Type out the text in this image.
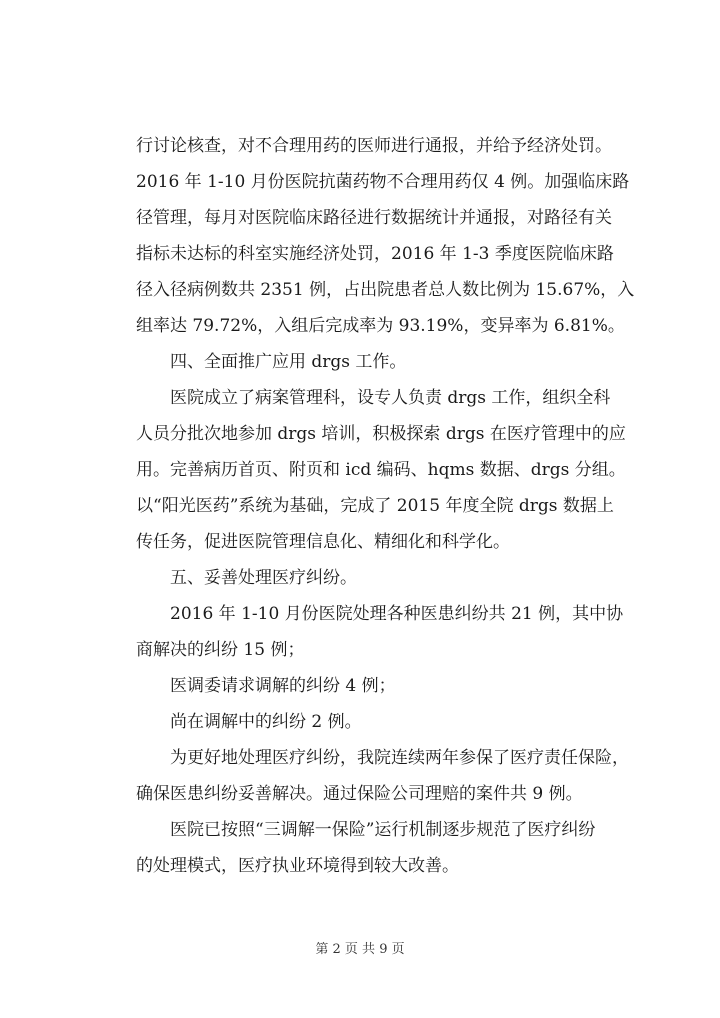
行讨论核查，对不合理用药的医师进行通报，并给予经济处罚。
2016 年 1-10 月份医院抗菌药物不合理用药仅 4 例。加强临床路
径管理，每月对医院临床路径进行数据统计并通报，对路径有关
指标未达标的科室实施经济处罚，2016 年 1-3 季度医院临床路
径入径病例数共 2351 例，占出院患者总人数比例为 15.67%，入
组率达 79.72%，入组后完成率为 93.19%，变异率为 6.81%。
四、全面推广应用 drgs 工作。
医院成立了病案管理科，设专人负责 drgs 工作，组织全科
人员分批次地参加 drgs 培训，积极探索 drgs 在医疗管理中的应
用。完善病历首页、附页和 icd 编码、hqms 数据、drgs 分组。
以“阳光医药”系统为基础，完成了 2015 年度全院 drgs 数据上
传任务，促进医院管理信息化、精细化和科学化。
五、妥善处理医疗纠纷。
2016 年 1-10 月份医院处理各种医患纠纷共 21 例，其中协
商解决的纠纷 15 例；
医调委请求调解的纠纷 4 例；
尚在调解中的纠纷 2 例。
为更好地处理医疗纠纷，我院连续两年参保了医疗责任保险，
确保医患纠纷妥善解决。通过保险公司理赔的案件共 9 例。
医院已按照“三调解一保险”运行机制逐步规范了医疗纠纷
的处理模式，医疗执业环境得到较大改善。
第 2 页 共 9 页
